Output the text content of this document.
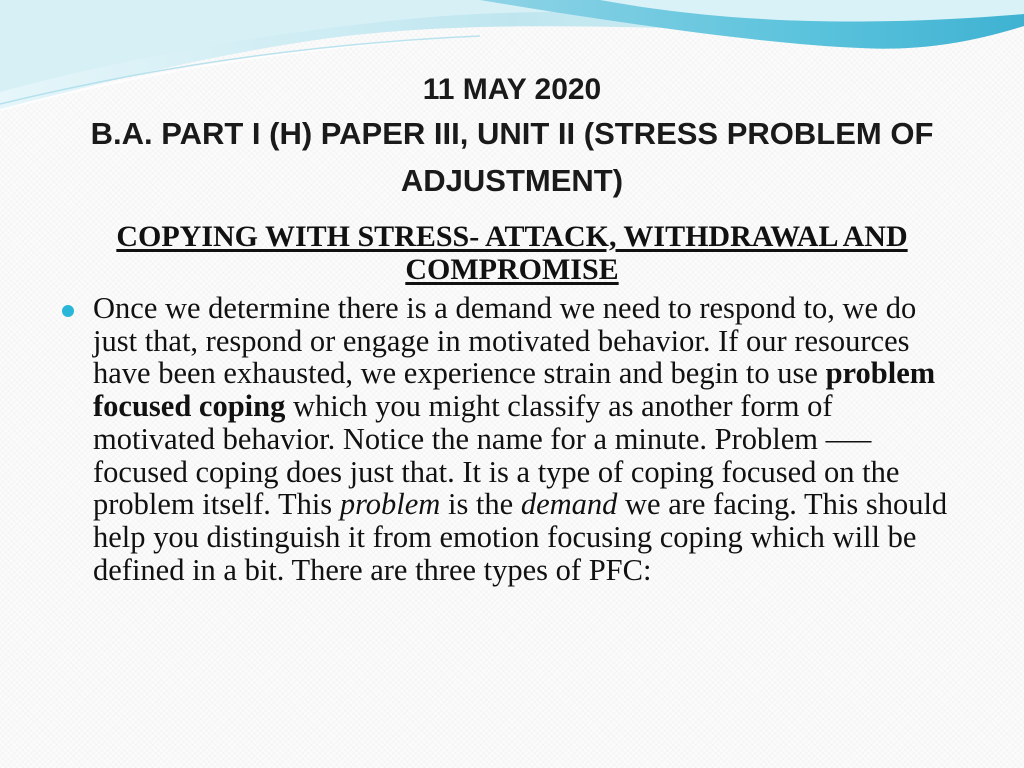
11 MAY 2020
B.A. PART I (H) PAPER III, UNIT II (STRESS PROBLEM OF ADJUSTMENT)
COPYING WITH STRESS- ATTACK, WITHDRAWAL AND COMPROMISE
Once we determine there is a demand we need to respond to, we do just that, respond or engage in motivated behavior. If our resources have been exhausted, we experience strain and begin to use problem focused coping which you might classify as another form of motivated behavior. Notice the name for a minute. Problem —– focused coping does just that. It is a type of coping focused on the problem itself. This problem is the demand we are facing. This should help you distinguish it from emotion focusing coping which will be defined in a bit. There are three types of PFC:
